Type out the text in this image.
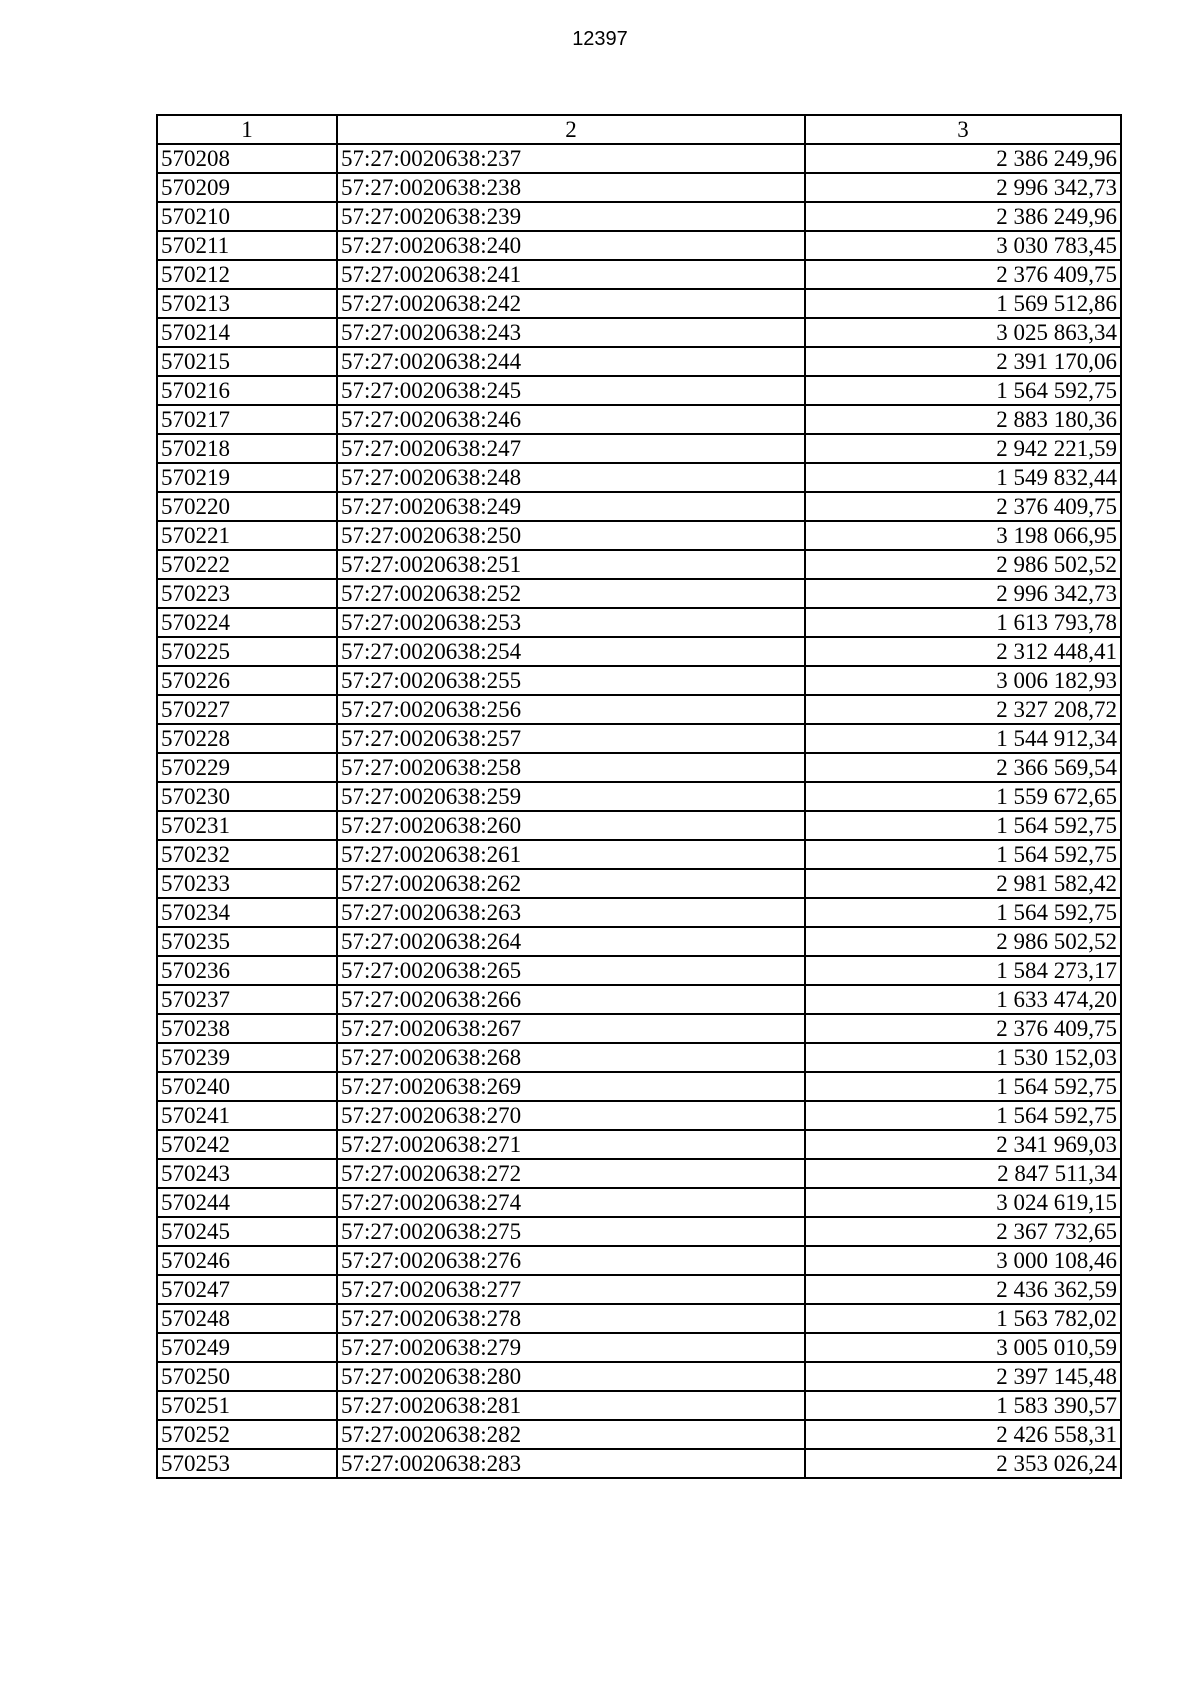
12397
1	2	3
570208	57:27:0020638:237	2 386 249,96
570209	57:27:0020638:238	2 996 342,73
570210	57:27:0020638:239	2 386 249,96
570211	57:27:0020638:240	3 030 783,45
570212	57:27:0020638:241	2 376 409,75
570213	57:27:0020638:242	1 569 512,86
570214	57:27:0020638:243	3 025 863,34
570215	57:27:0020638:244	2 391 170,06
570216	57:27:0020638:245	1 564 592,75
570217	57:27:0020638:246	2 883 180,36
570218	57:27:0020638:247	2 942 221,59
570219	57:27:0020638:248	1 549 832,44
570220	57:27:0020638:249	2 376 409,75
570221	57:27:0020638:250	3 198 066,95
570222	57:27:0020638:251	2 986 502,52
570223	57:27:0020638:252	2 996 342,73
570224	57:27:0020638:253	1 613 793,78
570225	57:27:0020638:254	2 312 448,41
570226	57:27:0020638:255	3 006 182,93
570227	57:27:0020638:256	2 327 208,72
570228	57:27:0020638:257	1 544 912,34
570229	57:27:0020638:258	2 366 569,54
570230	57:27:0020638:259	1 559 672,65
570231	57:27:0020638:260	1 564 592,75
570232	57:27:0020638:261	1 564 592,75
570233	57:27:0020638:262	2 981 582,42
570234	57:27:0020638:263	1 564 592,75
570235	57:27:0020638:264	2 986 502,52
570236	57:27:0020638:265	1 584 273,17
570237	57:27:0020638:266	1 633 474,20
570238	57:27:0020638:267	2 376 409,75
570239	57:27:0020638:268	1 530 152,03
570240	57:27:0020638:269	1 564 592,75
570241	57:27:0020638:270	1 564 592,75
570242	57:27:0020638:271	2 341 969,03
570243	57:27:0020638:272	2 847 511,34
570244	57:27:0020638:274	3 024 619,15
570245	57:27:0020638:275	2 367 732,65
570246	57:27:0020638:276	3 000 108,46
570247	57:27:0020638:277	2 436 362,59
570248	57:27:0020638:278	1 563 782,02
570249	57:27:0020638:279	3 005 010,59
570250	57:27:0020638:280	2 397 145,48
570251	57:27:0020638:281	1 583 390,57
570252	57:27:0020638:282	2 426 558,31
570253	57:27:0020638:283	2 353 026,24
